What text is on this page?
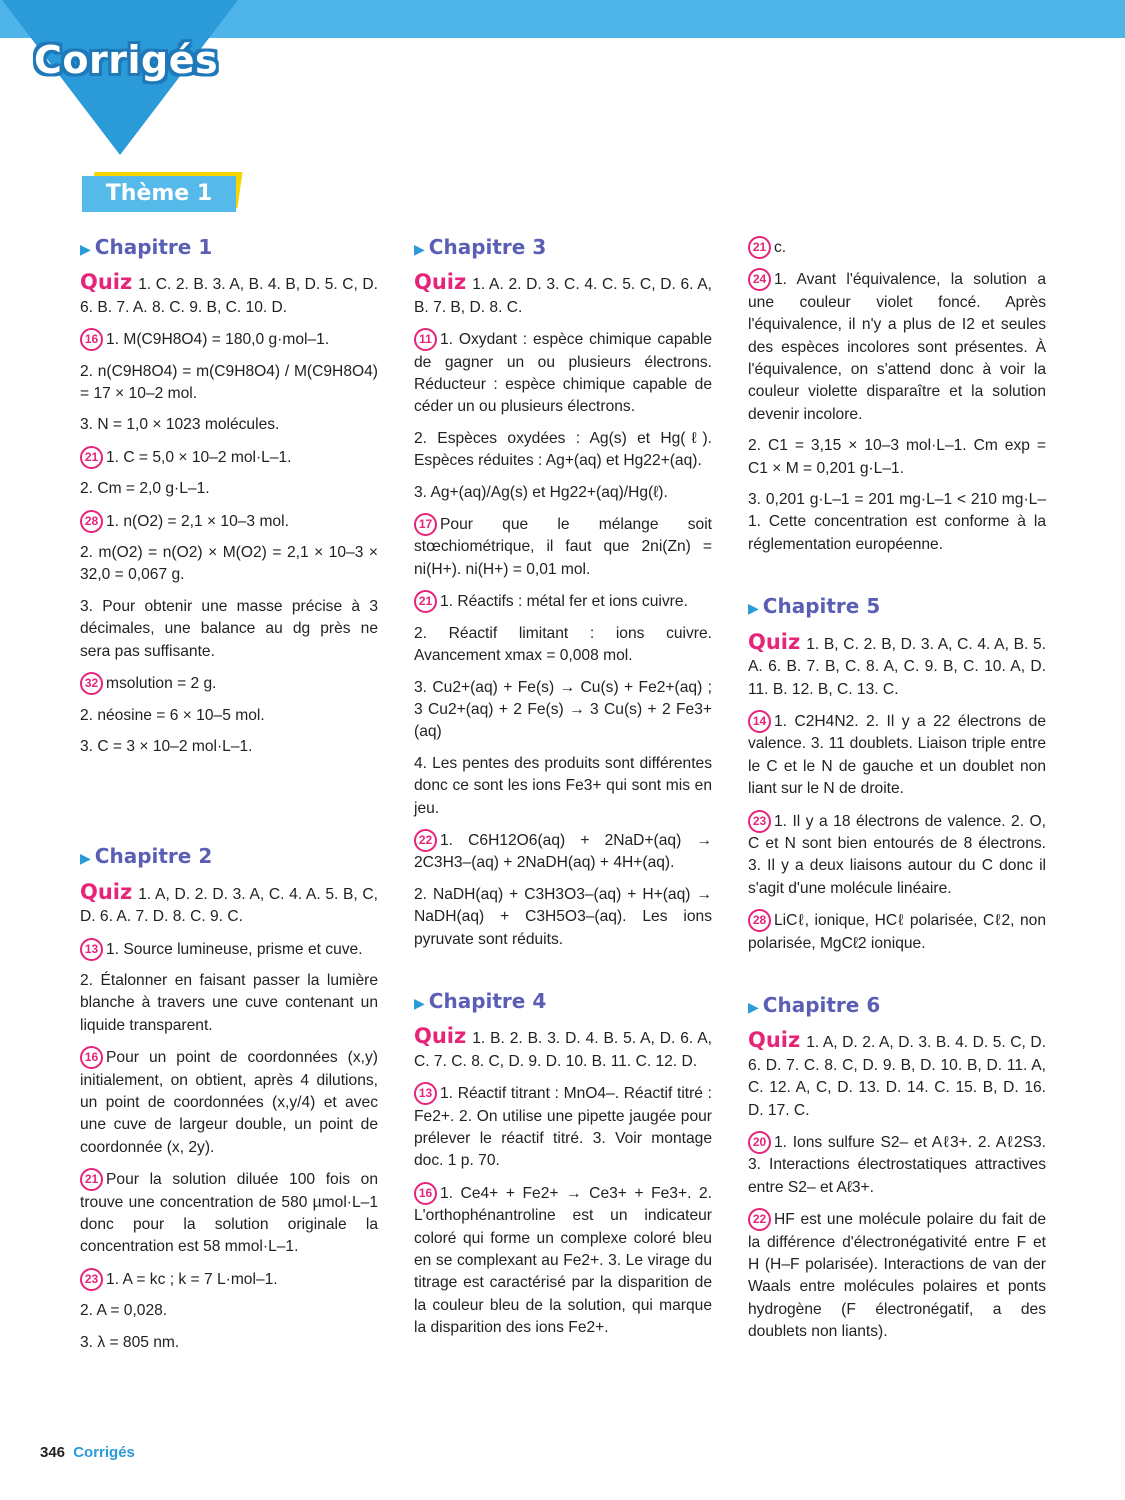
Corrigés
Thème 1
▶ Chapitre 1
Quiz 1. C. 2. B. 3. A, B. 4. B, D. 5. C, D. 6. B. 7. A. 8. C. 9. B, C. 10. D.
16 1. M(C9H8O4) = 180,0 g·mol–1.
2. n(C9H8O4) = m(C9H8O4) / M(C9H8O4) = 17 × 10–2 mol.
3. N = 1,0 × 1023 molécules.
21 1. C = 5,0 × 10–2 mol·L–1.
2. Cm = 2,0 g·L–1.
28 1. n(O2) = 2,1 × 10–3 mol.
2. m(O2) = n(O2) × M(O2) = 2,1 × 10–3 × 32,0 = 0,067 g.
3. Pour obtenir une masse précise à 3 décimales, une balance au dg près ne sera pas suffisante.
32 msolution = 2 g.
2. néosine = 6 × 10–5 mol.
3. C = 3 × 10–2 mol·L–1.
▶ Chapitre 2
Quiz 1. A, D. 2. D. 3. A, C. 4. A. 5. B, C, D. 6. A. 7. D. 8. C. 9. C.
13 1. Source lumineuse, prisme et cuve.
2. Étalonner en faisant passer la lumière blanche à travers une cuve contenant un liquide transparent.
16 Pour un point de coordonnées (x,y) initialement, on obtient, après 4 dilutions, un point de coordonnées (x,y/4) et avec une cuve de largeur double, un point de coordonnée (x, 2y).
21 Pour la solution diluée 100 fois on trouve une concentration de 580 µmol·L–1 donc pour la solution originale la concentration est 58 mmol·L–1.
23 1. A = kc ; k = 7 L·mol–1.
2. A = 0,028.
3. λ = 805 nm.
▶ Chapitre 3
Quiz 1. A. 2. D. 3. C. 4. C. 5. C, D. 6. A, B. 7. B, D. 8. C.
11 1. Oxydant : espèce chimique capable de gagner un ou plusieurs électrons. Réducteur : espèce chimique capable de céder un ou plusieurs électrons.
2. Espèces oxydées : Ag(s) et Hg(ℓ). Espèces réduites : Ag+(aq) et Hg22+(aq).
3. Ag+(aq)/Ag(s) et Hg22+(aq)/Hg(ℓ).
17 Pour que le mélange soit stœchiométrique, il faut que 2ni(Zn) = ni(H+). ni(H+) = 0,01 mol.
21 1. Réactifs : métal fer et ions cuivre.
2. Réactif limitant : ions cuivre. Avancement xmax = 0,008 mol.
3. Cu2+(aq) + Fe(s) → Cu(s) + Fe2+(aq) ; 3 Cu2+(aq) + 2 Fe(s) → 3 Cu(s) + 2 Fe3+(aq)
4. Les pentes des produits sont différentes donc ce sont les ions Fe3+ qui sont mis en jeu.
22 1. C6H12O6(aq) + 2NaD+(aq) → 2C3H3–(aq) + 2NaDH(aq) + 4H+(aq).
2. NaDH(aq) + C3H3O3–(aq) + H+(aq) → NaDH(aq) + C3H5O3–(aq). Les ions pyruvate sont réduits.
▶ Chapitre 4
Quiz 1. B. 2. B. 3. D. 4. B. 5. A, D. 6. A, C. 7. C. 8. C, D. 9. D. 10. B. 11. C. 12. D.
13 1. Réactif titrant : MnO4–. Réactif titré : Fe2+. 2. On utilise une pipette jaugée pour prélever le réactif titré. 3. Voir montage doc. 1 p. 70.
16 1. Ce4+ + Fe2+ → Ce3+ + Fe3+. 2. L'orthophénantroline est un indicateur coloré qui forme un complexe coloré bleu en se complexant au Fe2+. 3. Le virage du titrage est caractérisé par la disparition de la couleur bleu de la solution, qui marque la disparition des ions Fe2+.
21 c.
24 1. Avant l'équivalence, la solution a une couleur violet foncé. Après l'équivalence, il n'y a plus de I2 et seules des espèces incolores sont présentes. À l'équivalence, on s'attend donc à voir la couleur violette disparaître et la solution devenir incolore.
2. C1 = 3,15 × 10–3 mol·L–1. Cm exp = C1 × M = 0,201 g·L–1.
3. 0,201 g·L–1 = 201 mg·L–1 < 210 mg·L–1. Cette concentration est conforme à la réglementation européenne.
▶ Chapitre 5
Quiz 1. B, C. 2. B, D. 3. A, C. 4. A, B. 5. A. 6. B. 7. B, C. 8. A, C. 9. B, C. 10. A, D. 11. B. 12. B, C. 13. C.
14 1. C2H4N2. 2. Il y a 22 électrons de valence. 3. 11 doublets. Liaison triple entre le C et le N de gauche et un doublet non liant sur le N de droite.
23 1. Il y a 18 électrons de valence. 2. O, C et N sont bien entourés de 8 électrons. 3. Il y a deux liaisons autour du C donc il s'agit d'une molécule linéaire.
28 LiCℓ, ionique, HCℓ polarisée, Cℓ2, non polarisée, MgCℓ2 ionique.
▶ Chapitre 6
Quiz 1. A, D. 2. A, D. 3. B. 4. D. 5. C, D. 6. D. 7. C. 8. C, D. 9. B, D. 10. B, D. 11. A, C. 12. A, C, D. 13. D. 14. C. 15. B, D. 16. D. 17. C.
20 1. Ions sulfure S2– et Aℓ3+. 2. Aℓ2S3. 3. Interactions électrostatiques attractives entre S2– et Aℓ3+.
22 HF est une molécule polaire du fait de la différence d'électronégativité entre F et H (H–F polarisée). Interactions de van der Waals entre molécules polaires et ponts hydrogène (F électronégatif, a des doublets non liants).
346 Corrigés
